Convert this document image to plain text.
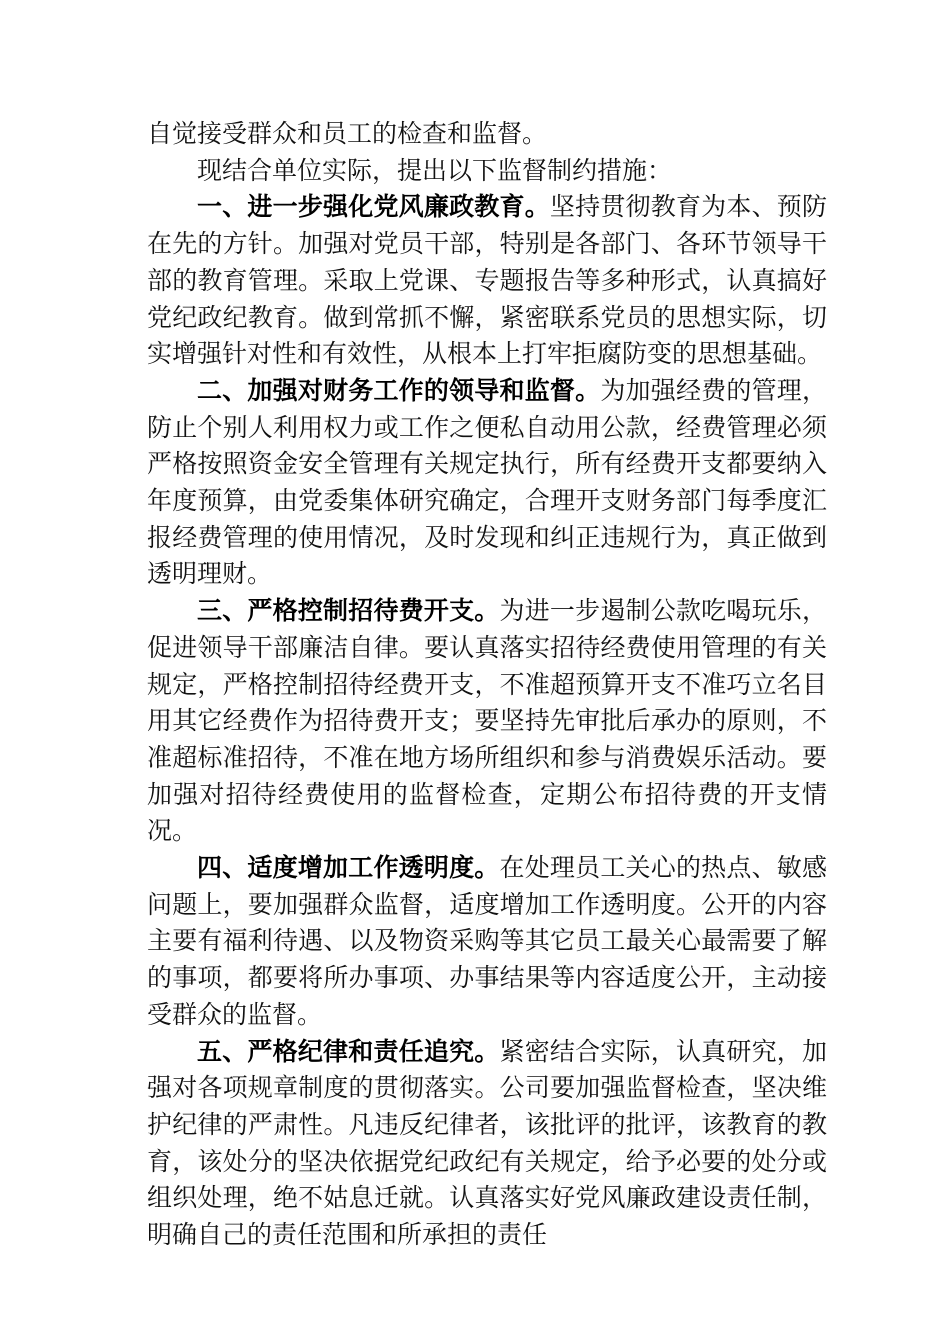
自觉接受群众和员工的检查和监督。

现结合单位实际，提出以下监督制约措施：

一、进一步强化党风廉政教育。坚持贯彻教育为本、预防在先的方针。加强对党员干部，特别是各部门、各环节领导干部的教育管理。采取上党课、专题报告等多种形式，认真搞好党纪政纪教育。做到常抓不懈，紧密联系党员的思想实际，切实增强针对性和有效性，从根本上打牢拒腐防变的思想基础。

二、加强对财务工作的领导和监督。为加强经费的管理，防止个别人利用权力或工作之便私自动用公款，经费管理必须严格按照资金安全管理有关规定执行，所有经费开支都要纳入年度预算，由党委集体研究确定，合理开支财务部门每季度汇报经费管理的使用情况，及时发现和纠正违规行为，真正做到透明理财。

三、严格控制招待费开支。为进一步遏制公款吃喝玩乐，促进领导干部廉洁自律。要认真落实招待经费使用管理的有关规定，严格控制招待经费开支，不准超预算开支不准巧立名目用其它经费作为招待费开支；要坚持先审批后承办的原则，不准超标准招待，不准在地方场所组织和参与消费娱乐活动。要加强对招待经费使用的监督检查，定期公布招待费的开支情况。

四、适度增加工作透明度。在处理员工关心的热点、敏感问题上，要加强群众监督，适度增加工作透明度。公开的内容主要有福利待遇、以及物资采购等其它员工最关心最需要了解的事项，都要将所办事项、办事结果等内容适度公开，主动接受群众的监督。

五、严格纪律和责任追究。紧密结合实际，认真研究，加强对各项规章制度的贯彻落实。公司要加强监督检查，坚决维护纪律的严肃性。凡违反纪律者，该批评的批评，该教育的教育，该处分的坚决依据党纪政纪有关规定，给予必要的处分或组织处理，绝不姑息迁就。认真落实好党风廉政建设责任制，明确自己的责任范围和所承担的责任
